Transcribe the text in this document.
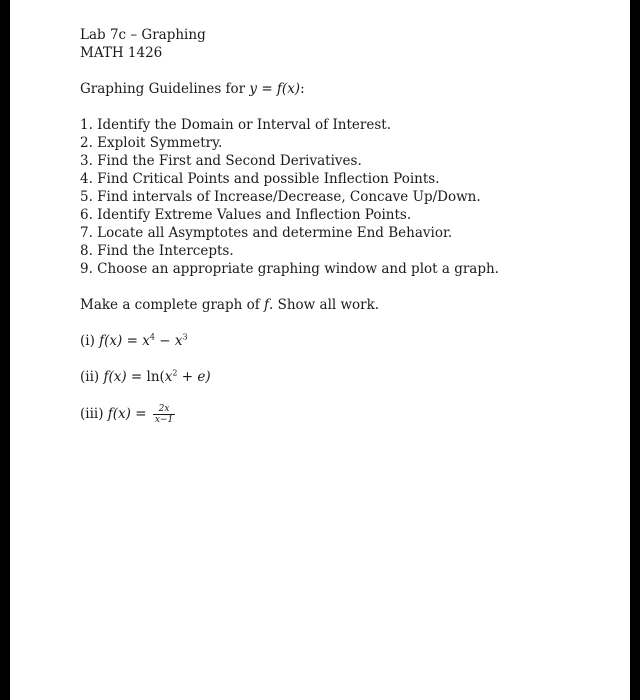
Lab 7c – Graphing
MATH 1426
Graphing Guidelines for y = f(x):
1. Identify the Domain or Interval of Interest.
2. Exploit Symmetry.
3. Find the First and Second Derivatives.
4. Find Critical Points and possible Inflection Points.
5. Find intervals of Increase/Decrease, Concave Up/Down.
6. Identify Extreme Values and Inflection Points.
7. Locate all Asymptotes and determine End Behavior.
8. Find the Intercepts.
9. Choose an appropriate graphing window and plot a graph.
Make a complete graph of f. Show all work.
(i) $f(x) = x^4 - x^3$
(ii) $f(x) = \ln(x^2 + e)$
(iii) $f(x) = \frac{2x}{x-1}$
